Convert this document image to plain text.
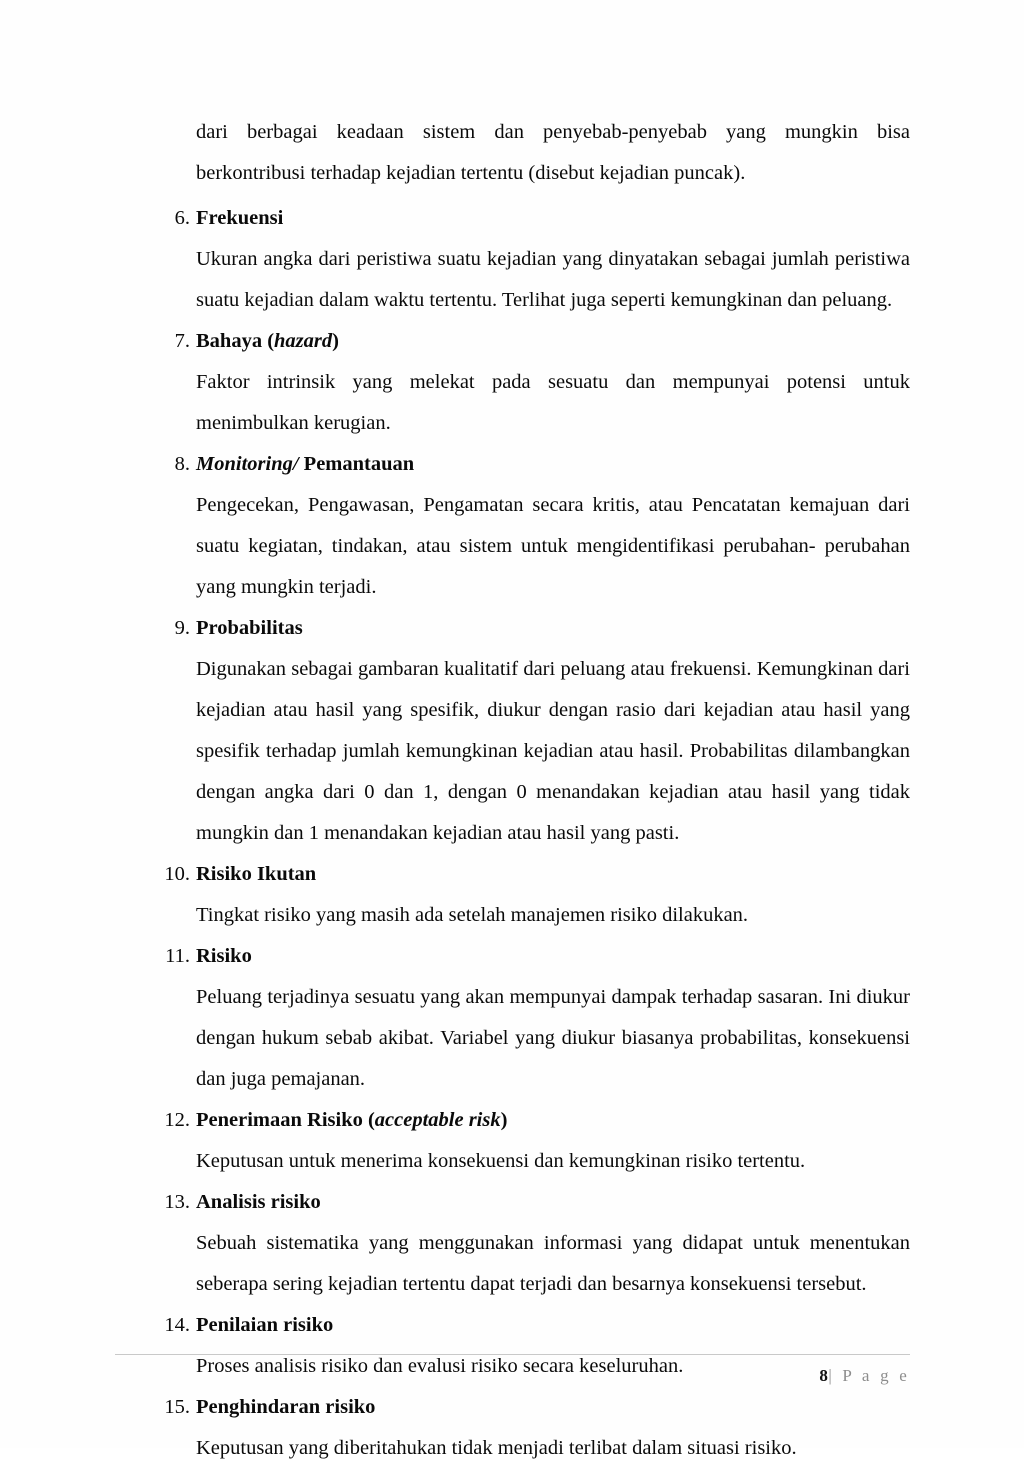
dari berbagai keadaan sistem dan penyebab-penyebab yang mungkin bisa berkontribusi terhadap kejadian tertentu (disebut kejadian puncak).

6. Frekuensi

Ukuran angka dari peristiwa suatu kejadian yang dinyatakan sebagai jumlah peristiwa suatu kejadian dalam waktu tertentu. Terlihat juga seperti kemungkinan dan peluang.

7. Bahaya (hazard)

Faktor intrinsik yang melekat pada sesuatu dan mempunyai potensi untuk menimbulkan kerugian.

8. Monitoring/ Pemantauan

Pengecekan, Pengawasan, Pengamatan secara kritis, atau Pencatatan kemajuan dari suatu kegiatan, tindakan, atau sistem untuk mengidentifikasi perubahan- perubahan yang mungkin terjadi.

9. Probabilitas

Digunakan sebagai gambaran kualitatif dari peluang atau frekuensi. Kemungkinan dari kejadian atau hasil yang spesifik, diukur dengan rasio dari kejadian atau hasil yang spesifik terhadap jumlah kemungkinan kejadian atau hasil. Probabilitas dilambangkan dengan angka dari 0 dan 1, dengan 0 menandakan kejadian atau hasil yang tidak mungkin dan 1 menandakan kejadian atau hasil yang pasti.

10. Risiko Ikutan

Tingkat risiko yang masih ada setelah manajemen risiko dilakukan.

11. Risiko

Peluang terjadinya sesuatu yang akan mempunyai dampak terhadap sasaran. Ini diukur dengan hukum sebab akibat. Variabel yang diukur biasanya probabilitas, konsekuensi dan juga pemajanan.

12. Penerimaan Risiko (acceptable risk)

Keputusan untuk menerima konsekuensi dan kemungkinan risiko tertentu.

13. Analisis risiko

Sebuah sistematika yang menggunakan informasi yang didapat untuk menentukan seberapa sering kejadian tertentu dapat terjadi dan besarnya konsekuensi tersebut.

14. Penilaian risiko

Proses analisis risiko dan evalusi risiko secara keseluruhan.

15. Penghindaran risiko

Keputusan yang diberitahukan tidak menjadi terlibat dalam situasi risiko.

8| P a g e
